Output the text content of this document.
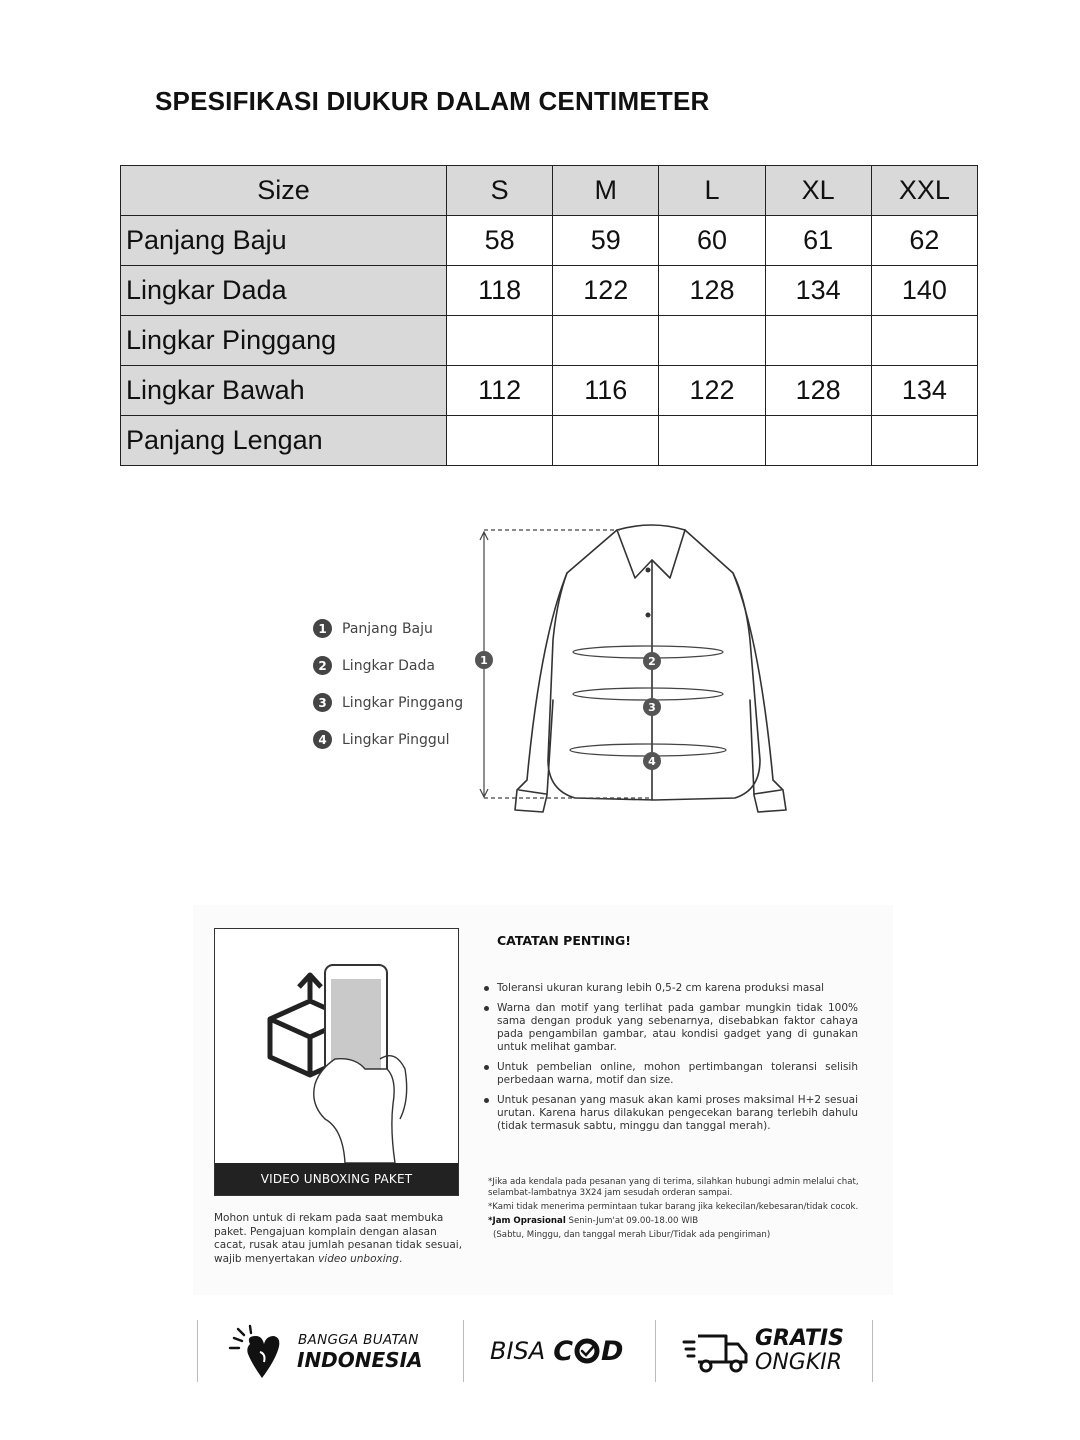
SPESIFIKASI DIUKUR DALAM CENTIMETER
Size	S	M	L	XL	XXL
Panjang Baju	58	59	60	61	62
Lingkar Dada	118	122	128	134	140
Lingkar Pinggang					
Lingkar Bawah	112	116	122	128	134
Panjang Lengan					
1	Panjang Baju
2	Lingkar Dada
3	Lingkar Pinggang
4	Lingkar Pinggul
1	2
3
4
VIDEO UNBOXING PAKET
Mohon untuk di rekam pada saat membuka paket. Pengajuan komplain dengan alasan cacat, rusak atau jumlah pesanan tidak sesuai, wajib menyertakan video unboxing.
CATATAN PENTING!
Toleransi ukuran kurang lebih 0,5-2 cm karena produksi masal
Warna dan motif yang terlihat pada gambar mungkin tidak 100% sama dengan produk yang sebenarnya, disebabkan faktor cahaya pada pengambilan gambar, atau kondisi gadget yang di gunakan untuk melihat gambar.
Untuk pembelian online, mohon pertimbangan toleransi selisih perbedaan warna, motif dan size.
Untuk pesanan yang masuk akan kami proses maksimal H+2 sesuai urutan. Karena harus dilakukan pengecekan barang terlebih dahulu (tidak termasuk sabtu, minggu dan tanggal merah).

*Jika ada kendala pada pesanan yang di terima, silahkan hubungi admin melalui chat, selambat-lambatnya 3X24 jam sesudah orderan sampai.

*Kami tidak menerima permintaan tukar barang jika kekecilan/kebesaran/tidak cocok.

*Jam Oprasional Senin-Jum'at 09.00-18.00 WIB

(Sabtu, Minggu, dan tanggal merah Libur/Tidak ada pengiriman)

BANGGA BUATAN
INDONESIA	BISA C D	GRATIS
ONGKIR
